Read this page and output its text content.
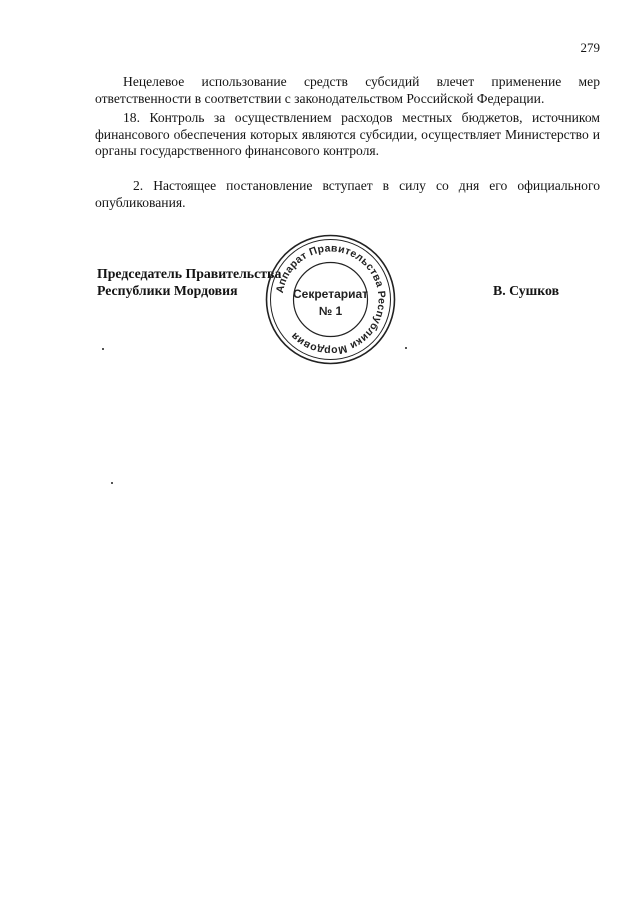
279

Нецелевое использование средств субсидий влечет применение мер ответственности в соответствии с законодательством Российской Федерации.

18. Контроль за осуществлением расходов местных бюджетов, источником финансового обеспечения которых являются субсидии, осуществляет Министерство и органы государственного финансового контроля.

2. Настоящее постановление вступает в силу со дня его официального опубликования.

Председатель Правительства
Республики Мордовия	В. Сушков
Аппарат Правительства Республики Мордовия
Секретариат
№ 1
